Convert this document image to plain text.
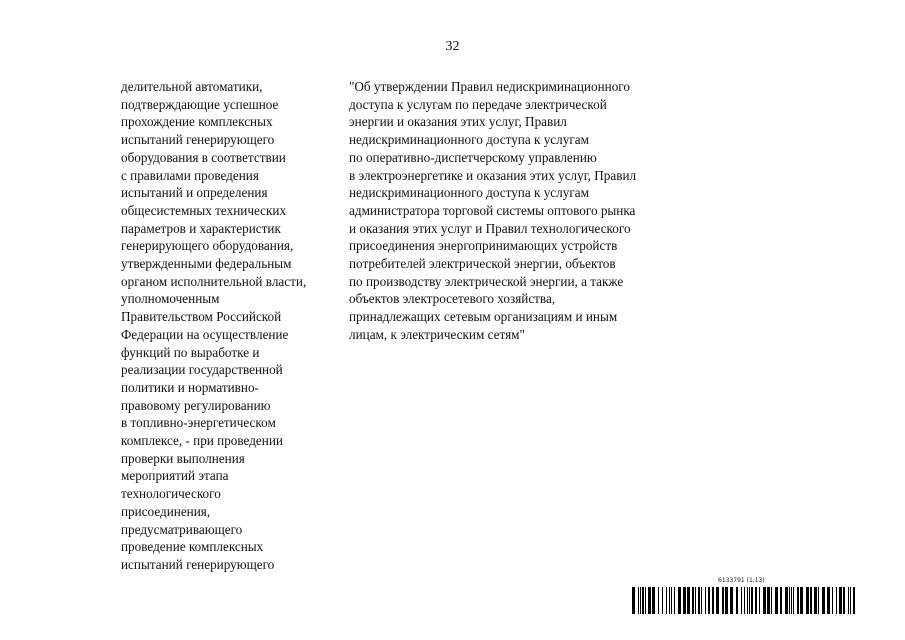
32
делительной автоматики,
подтверждающие успешное
прохождение комплексных
испытаний генерирующего
оборудования в соответствии
с правилами проведения
испытаний и определения
общесистемных технических
параметров и характеристик
генерирующего оборудования,
утвержденными федеральным
органом исполнительной власти,
уполномоченным
Правительством Российской
Федерации на осуществление
функций по выработке и
реализации государственной
политики и нормативно-
правовому регулированию
в топливно-энергетическом
комплексе, - при проведении
проверки выполнения
мероприятий этапа
технологического
присоединения,
предусматривающего
проведение комплексных
испытаний генерирующего
"Об утверждении Правил недискриминационного
доступа к услугам по передаче электрической
энергии и оказания этих услуг, Правил
недискриминационного доступа к услугам
по оперативно-диспетчерскому управлению
в электроэнергетике и оказания этих услуг, Правил
недискриминационного доступа к услугам
администратора торговой системы оптового рынка
и оказания этих услуг и Правил технологического
присоединения энергопринимающих устройств
потребителей электрической энергии, объектов
по производству электрической энергии, а также
объектов электросетевого хозяйства,
принадлежащих сетевым организациям и иным
лицам, к электрическим сетям"
6133791 (1.13)
